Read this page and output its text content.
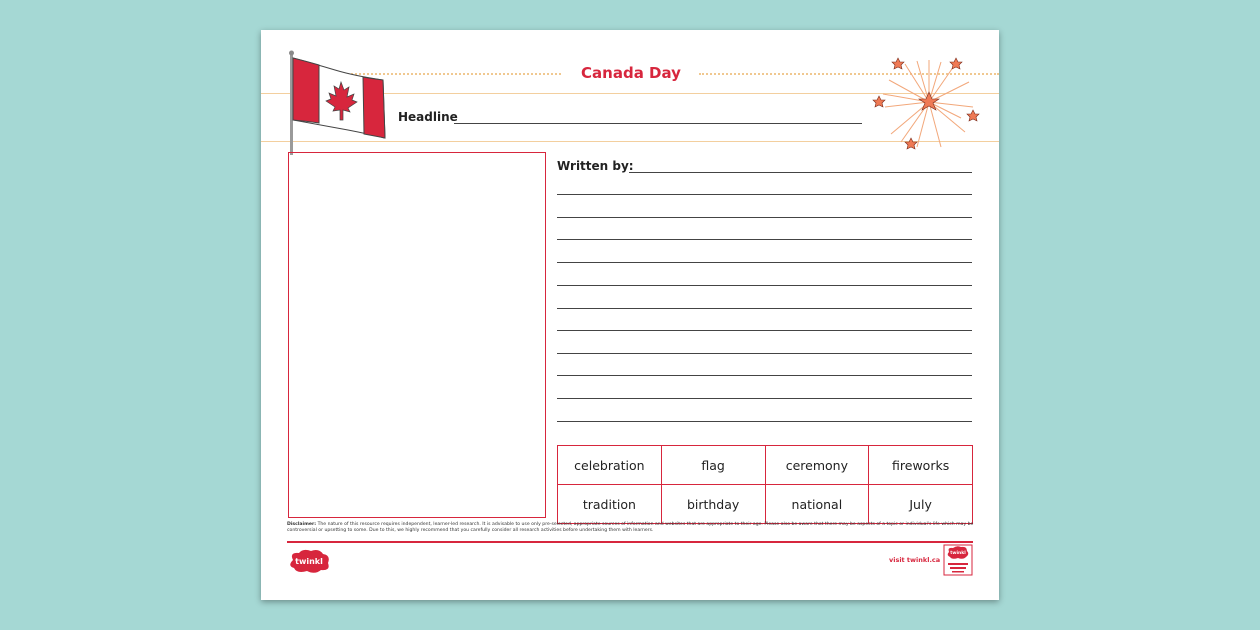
Canada Day
Headline
Written by:
celebration	flag	ceremony	fireworks
tradition	birthday	national	July
Disclaimer: The nature of this resource requires independent, learner-led research. It is advisable to use only pre-selected, appropriate sources of information and websites that are appropriate to their age. Please also be aware that there may be aspects of a topic or individual's life which may be controversial or upsetting to some. Due to this, we highly recommend that you carefully consider all research activities before undertaking them with learners.
twinkl	visit twinkl.ca
twinkl
